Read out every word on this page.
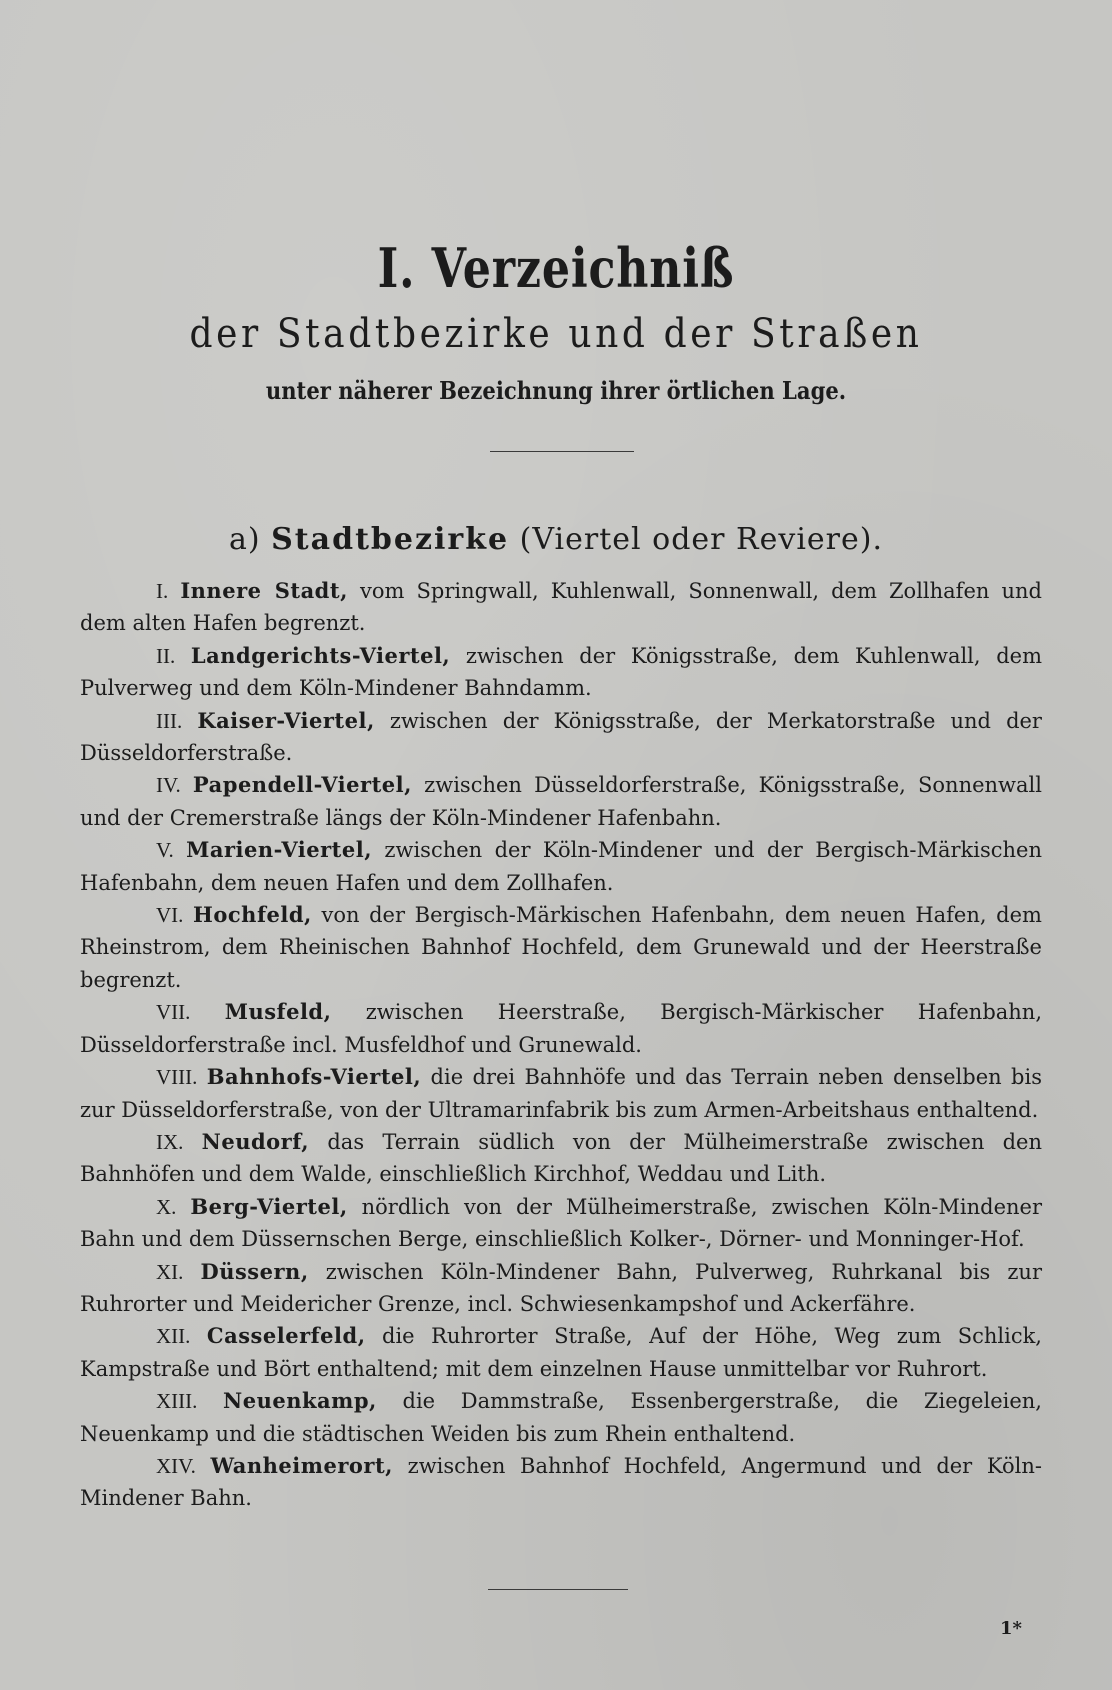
I. Verzeichniß
der Stadtbezirke und der Straßen
unter näherer Bezeichnung ihrer örtlichen Lage.
a) Stadtbezirke (Viertel oder Reviere).

I. Innere Stadt, vom Springwall, Kuhlenwall, Sonnenwall, dem Zollhafen und dem alten Hafen begrenzt.

II. Landgerichts-Viertel, zwischen der Königsstraße, dem Kuhlenwall, dem Pulverweg und dem Köln-Mindener Bahndamm.

III. Kaiser-Viertel, zwischen der Königsstraße, der Merkatorstraße und der Düsseldorferstraße.

IV. Papendell-Viertel, zwischen Düsseldorferstraße, Königsstraße, Sonnenwall und der Cremerstraße längs der Köln-Mindener Hafenbahn.

V. Marien-Viertel, zwischen der Köln-Mindener und der Bergisch-Märkischen Hafenbahn, dem neuen Hafen und dem Zollhafen.

VI. Hochfeld, von der Bergisch-Märkischen Hafenbahn, dem neuen Hafen, dem Rheinstrom, dem Rheinischen Bahnhof Hochfeld, dem Grunewald und der Heerstraße begrenzt.

VII. Musfeld, zwischen Heerstraße, Bergisch-Märkischer Hafenbahn, Düsseldorferstraße incl. Musfeldhof und Grunewald.

VIII. Bahnhofs-Viertel, die drei Bahnhöfe und das Terrain neben denselben bis zur Düsseldorferstraße, von der Ultramarinfabrik bis zum Armen-Arbeitshaus enthaltend.

IX. Neudorf, das Terrain südlich von der Mülheimerstraße zwischen den Bahnhöfen und dem Walde, einschließlich Kirchhof, Weddau und Lith.

X. Berg-Viertel, nördlich von der Mülheimerstraße, zwischen Köln-Mindener Bahn und dem Düssernschen Berge, einschließlich Kolker-, Dörner- und Monninger-Hof.

XI. Düssern, zwischen Köln-Mindener Bahn, Pulverweg, Ruhrkanal bis zur Ruhrorter und Meidericher Grenze, incl. Schwiesenkampshof und Ackerfähre.

XII. Casselerfeld, die Ruhrorter Straße, Auf der Höhe, Weg zum Schlick, Kampstraße und Bört enthaltend; mit dem einzelnen Hause unmittelbar vor Ruhrort.

XIII. Neuenkamp, die Dammstraße, Essenbergerstraße, die Ziegeleien, Neuenkamp und die städtischen Weiden bis zum Rhein enthaltend.

XIV. Wanheimerort, zwischen Bahnhof Hochfeld, Angermund und der Köln-Mindener Bahn.

1*
